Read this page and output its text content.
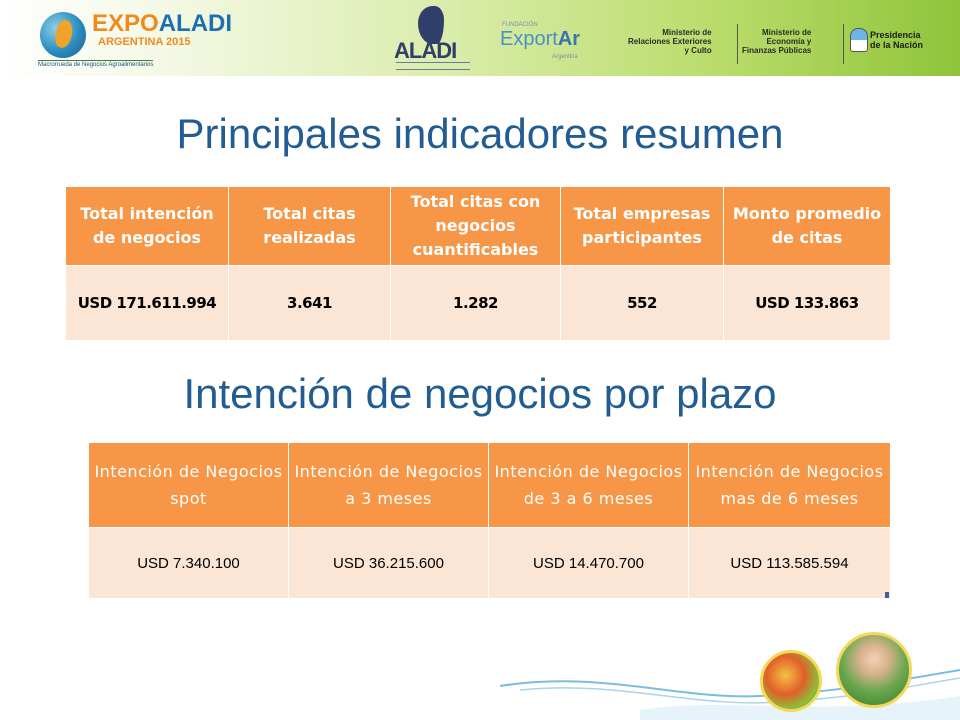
EXPOALADI
ARGENTINA 2015
Macrorrueda de Negocios Agroalimentarios
ALADI
FUNDACIÓN
ExportAr
Argentina
Ministerio de
Relaciones Exteriores
y Culto
Ministerio de
Economía y
Finanzas Públicas
Presidencia
de la Nación
Principales indicadores resumen
Total intención de negocios	Total citas realizadas	Total citas con negocios cuantificables	Total empresas participantes	Monto promedio de citas
USD 171.611.994	3.641	1.282	552	USD 133.863
Intención de negocios por plazo
Intención de Negocios spot	Intención de Negocios a 3 meses	Intención de Negocios de 3 a 6 meses	Intención de Negocios mas de 6 meses
USD 7.340.100	USD 36.215.600	USD 14.470.700	USD 113.585.594
